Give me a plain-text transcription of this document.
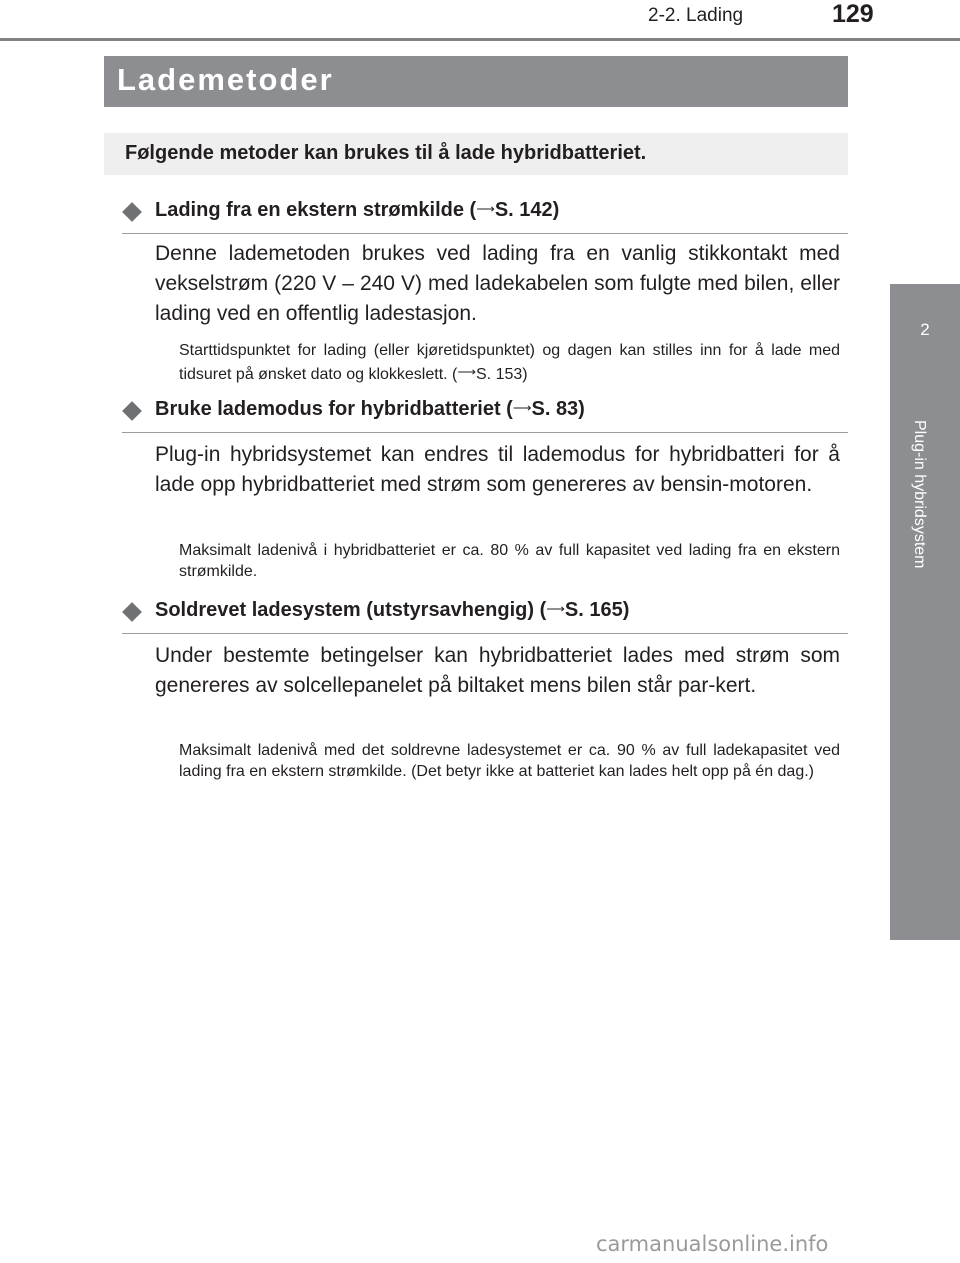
2-2. Lading	129
2
Plug-in hybridsystem
Lademetoder
Følgende metoder kan brukes til å lade hybridbatteriet.
Lading fra en ekstern strømkilde (⟶S. 142)
Denne lademetoden brukes ved lading fra en vanlig stikkontakt med vekselstrøm (220 V – 240 V) med ladekabelen som fulgte med bilen, eller lading ved en offentlig ladestasjon.
Starttidspunktet for lading (eller kjøretidspunktet) og dagen kan stilles inn for å lade med tidsuret på ønsket dato og klokkeslett. (⟶S. 153)
Bruke lademodus for hybridbatteriet (⟶S. 83)
Plug-in hybridsystemet kan endres til lademodus for hybridbatteri for å lade opp hybridbatteriet med strøm som genereres av bensin-motoren.
Maksimalt ladenivå i hybridbatteriet er ca. 80 % av full kapasitet ved lading fra en ekstern strømkilde.
Soldrevet ladesystem (utstyrsavhengig) (⟶S. 165)
Under bestemte betingelser kan hybridbatteriet lades med strøm som genereres av solcellepanelet på biltaket mens bilen står par-kert.
Maksimalt ladenivå med det soldrevne ladesystemet er ca. 90 % av full ladekapasitet ved lading fra en ekstern strømkilde. (Det betyr ikke at batteriet kan lades helt opp på én dag.)
carmanualsonline.info
